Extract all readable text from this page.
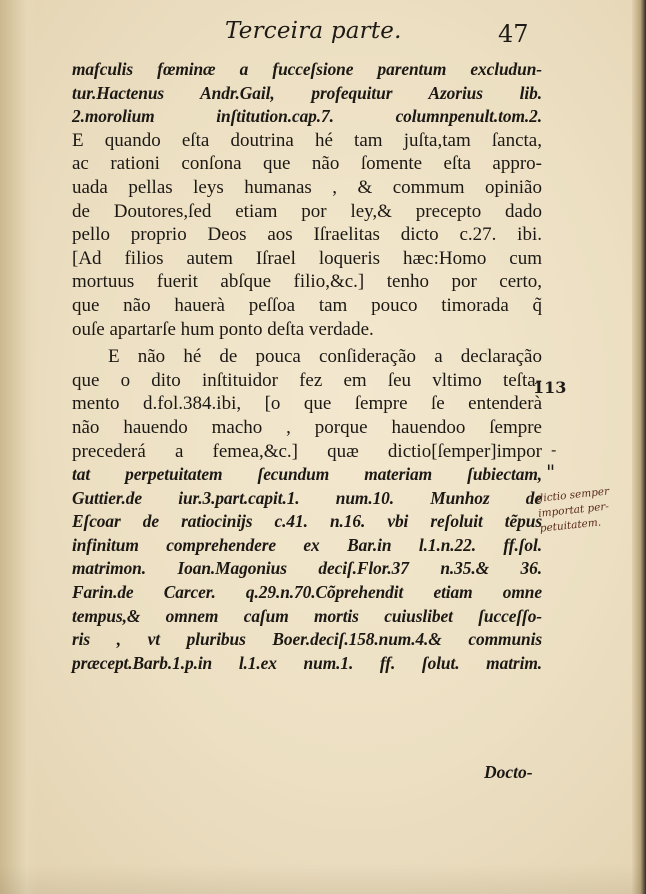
Terceira parte.	47
mafculis fœminæ a fucceſsione parentum excludun-
tur.Hactenus Andr.Gail, profequitur Azorius lib.
2.morolium inſtitution.cap.7. columnpenult.tom.2.
E quando eſta doutrina hé tam juſta,tam ſancta,
ac rationi conſona que não ſomente eſta appro-
uada pellas leys humanas , & commum opinião
de Doutores,ſed etiam por ley,& precepto dado
pello proprio Deos aos Iſraelitas dicto c.27. ibi.
[Ad filios autem Iſrael loqueris hæc:Homo cum
mortuus fuerit abſque filio,&c.] tenho por certo,
que não hauerà peſſoa tam pouco timorada q̃
ouſe apartarſe hum ponto deſta verdade.
E não hé de pouca conſideração a declaração
que o dito inſtituidor fez em ſeu vltimo teſta-
mento d.fol.384.ibi, [o que ſempre ſe entenderà
não hauendo macho , porque hauendoo ſempre
precederá a femea,&c.] quæ dictio[ſemper]impor
tat perpetuitatem ſecundum materiam ſubiectam,
Guttier.de iur.3.part.capit.1. num.10. Munhoz de
Eſcoar de ratiocinijs c.41. n.16. vbi reſoluit tẽpus
infinitum comprehendere ex Bar.in l.1.n.22. ff.ſol.
matrimon. Ioan.Magonius deciſ.Flor.37 n.35.& 36.
Farin.de Carcer. q.29.n.70.Cõprehendit etiam omne
tempus,& omnem caſum mortis cuiuslibet ſucceſſo-
ris , vt pluribus Boer.deciſ.158.num.4.& communis
præcept.Barb.1.p.in l.1.ex num.1. ff. ſolut. matrim.
113
-
"
dictio semper
importat per-
petuitatem.
Docto-
